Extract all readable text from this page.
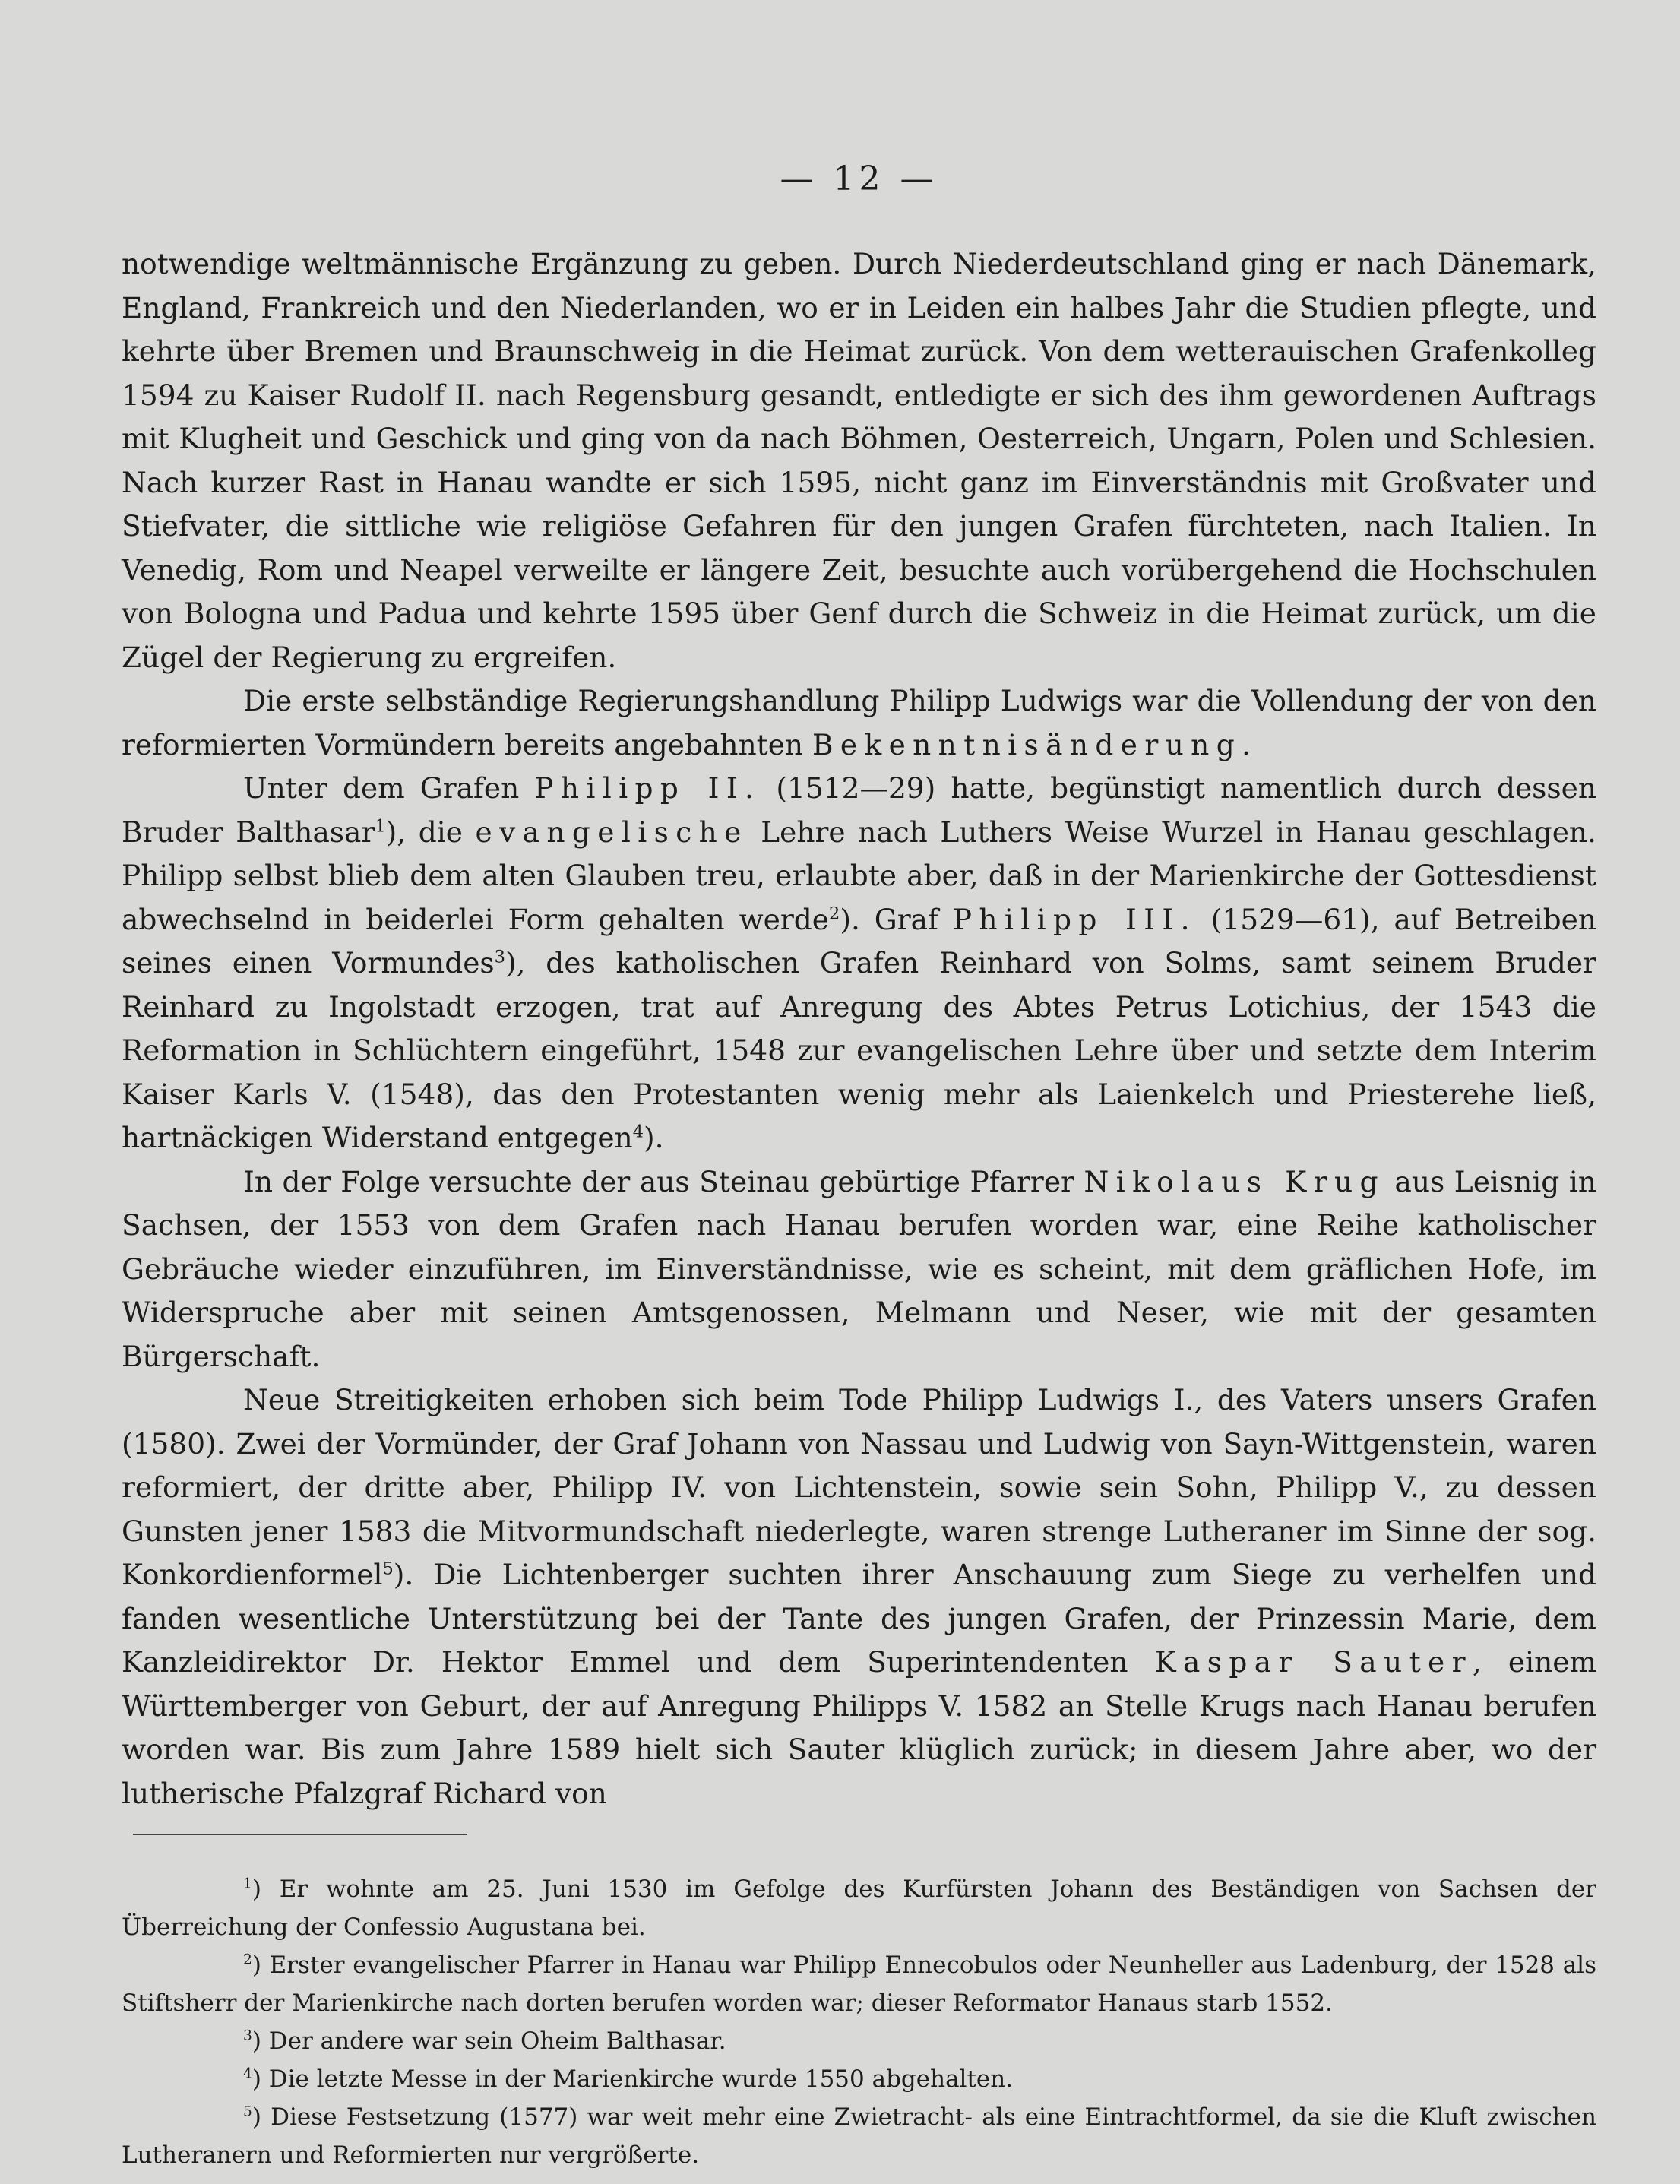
— 12 —

notwendige weltmännische Ergänzung zu geben. Durch Niederdeutschland ging er nach Dänemark, England, Frankreich und den Niederlanden, wo er in Leiden ein halbes Jahr die Studien pflegte, und kehrte über Bremen und Braunschweig in die Heimat zurück. Von dem wetterauischen Grafenkolleg 1594 zu Kaiser Rudolf II. nach Regensburg gesandt, entledigte er sich des ihm gewordenen Auftrags mit Klugheit und Geschick und ging von da nach Böhmen, Oesterreich, Ungarn, Polen und Schlesien. Nach kurzer Rast in Hanau wandte er sich 1595, nicht ganz im Einverständnis mit Großvater und Stiefvater, die sittliche wie religiöse Gefahren für den jungen Grafen fürchteten, nach Italien. In Venedig, Rom und Neapel verweilte er längere Zeit, besuchte auch vorübergehend die Hochschulen von Bologna und Padua und kehrte 1595 über Genf durch die Schweiz in die Heimat zurück, um die Zügel der Regierung zu ergreifen.

Die erste selbständige Regierungshandlung Philipp Ludwigs war die Vollendung der von den reformierten Vormündern bereits angebahnten Bekenntnisänderung.

Unter dem Grafen Philipp II. (1512—29) hatte, begünstigt namentlich durch dessen Bruder Balthasar$^1$), die evangelische Lehre nach Luthers Weise Wurzel in Hanau geschlagen. Philipp selbst blieb dem alten Glauben treu, erlaubte aber, daß in der Marienkirche der Gottesdienst abwechselnd in beiderlei Form gehalten werde$^2$). Graf Philipp III. (1529—61), auf Betreiben seines einen Vormundes$^3$), des katholischen Grafen Reinhard von Solms, samt seinem Bruder Reinhard zu Ingolstadt erzogen, trat auf Anregung des Abtes Petrus Lotichius, der 1543 die Reformation in Schlüchtern eingeführt, 1548 zur evangelischen Lehre über und setzte dem Interim Kaiser Karls V. (1548), das den Protestanten wenig mehr als Laienkelch und Priesterehe ließ, hartnäckigen Widerstand entgegen$^4$).

In der Folge versuchte der aus Steinau gebürtige Pfarrer Nikolaus Krug aus Leisnig in Sachsen, der 1553 von dem Grafen nach Hanau berufen worden war, eine Reihe katholischer Gebräuche wieder einzuführen, im Einverständnisse, wie es scheint, mit dem gräflichen Hofe, im Widerspruche aber mit seinen Amtsgenossen, Melmann und Neser, wie mit der gesamten Bürgerschaft.

Neue Streitigkeiten erhoben sich beim Tode Philipp Ludwigs I., des Vaters unsers Grafen (1580). Zwei der Vormünder, der Graf Johann von Nassau und Ludwig von Sayn-Wittgenstein, waren reformiert, der dritte aber, Philipp IV. von Lichtenstein, sowie sein Sohn, Philipp V., zu dessen Gunsten jener 1583 die Mitvormundschaft niederlegte, waren strenge Lutheraner im Sinne der sog. Konkordienformel$^5$). Die Lichtenberger suchten ihrer Anschauung zum Siege zu verhelfen und fanden wesentliche Unterstützung bei der Tante des jungen Grafen, der Prinzessin Marie, dem Kanzleidirektor Dr. Hektor Emmel und dem Superintendenten Kaspar Sauter, einem Württemberger von Geburt, der auf Anregung Philipps V. 1582 an Stelle Krugs nach Hanau berufen worden war. Bis zum Jahre 1589 hielt sich Sauter klüglich zurück; in diesem Jahre aber, wo der lutherische Pfalzgraf Richard von

$^1$) Er wohnte am 25. Juni 1530 im Gefolge des Kurfürsten Johann des Beständigen von Sachsen der Überreichung der Confessio Augustana bei.

$^2$) Erster evangelischer Pfarrer in Hanau war Philipp Ennecobulos oder Neunheller aus Ladenburg, der 1528 als Stiftsherr der Marienkirche nach dorten berufen worden war; dieser Reformator Hanaus starb 1552.

$^3$) Der andere war sein Oheim Balthasar.

$^4$) Die letzte Messe in der Marienkirche wurde 1550 abgehalten.

$^5$) Diese Festsetzung (1577) war weit mehr eine Zwietracht- als eine Eintrachtformel, da sie die Kluft zwischen Lutheranern und Reformierten nur vergrößerte.
